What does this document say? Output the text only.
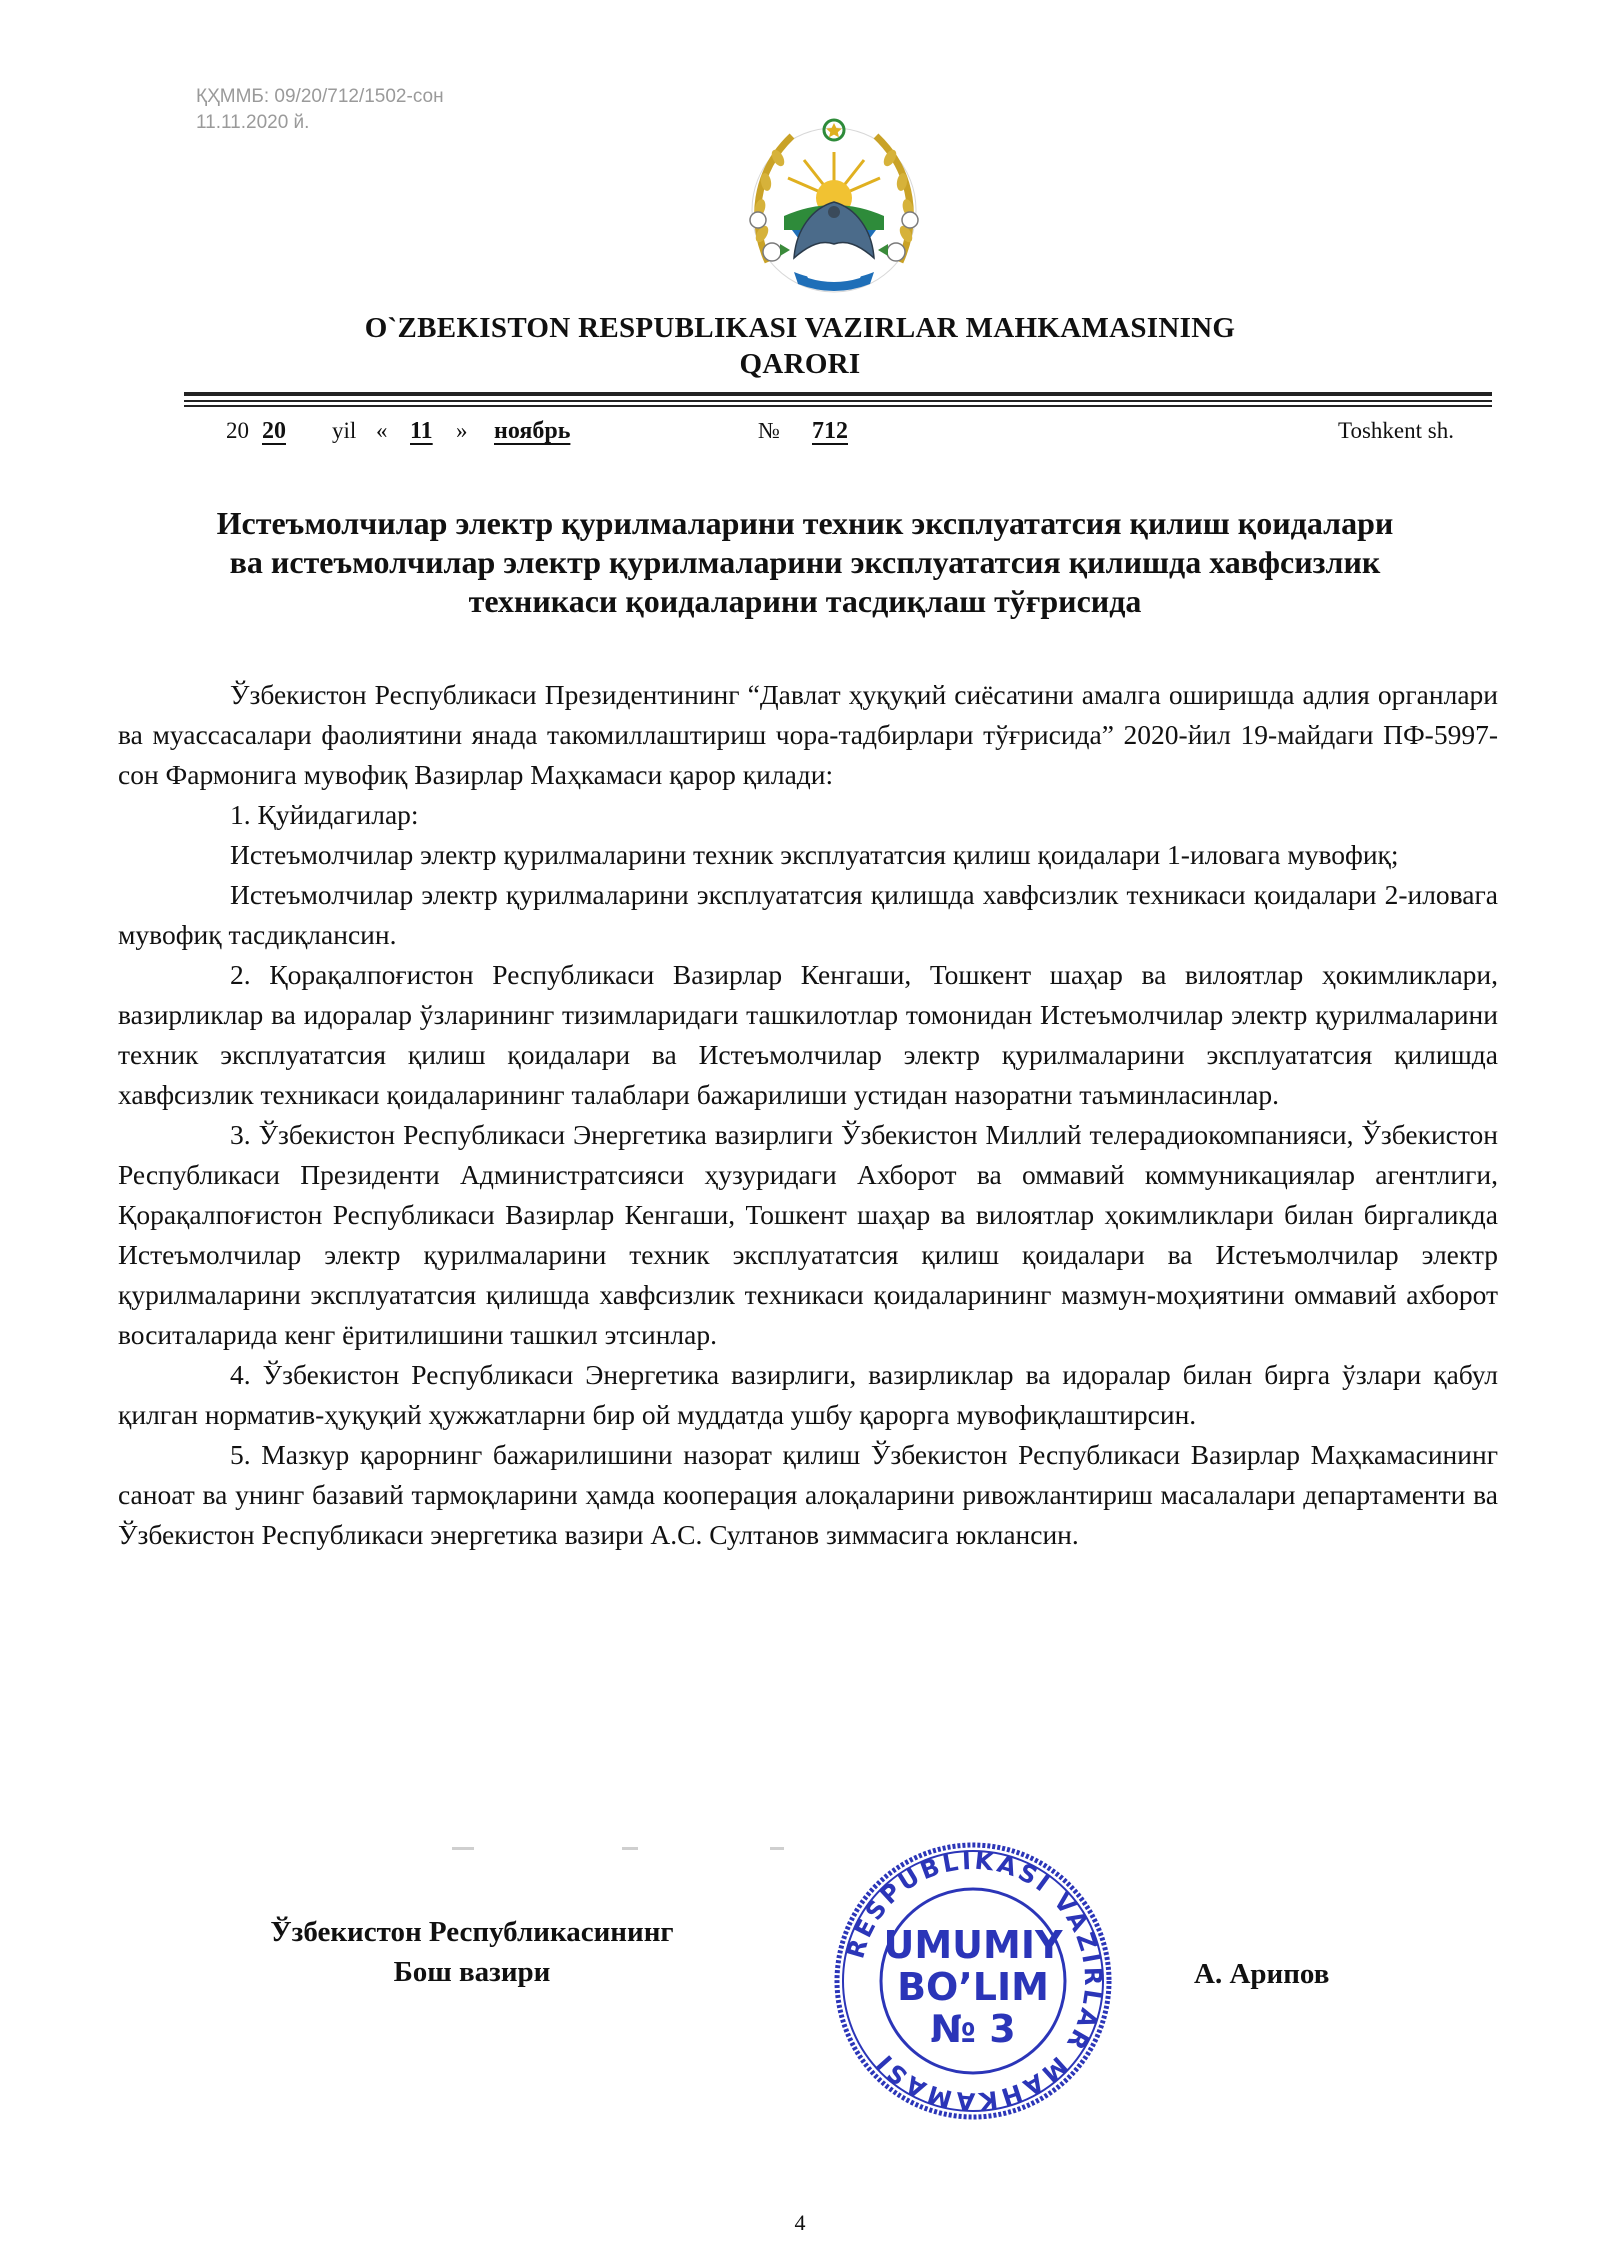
ҚҲММБ: 09/20/712/1502-сон
11.11.2020 й.
O`ZBEKISTON RESPUBLIKASI VAZIRLAR MAHKAMASINING
QARORI
20 20	yil « 11	»	ноябрь	№	712	Toshkent sh.
Истеъмолчилар электр қурилмаларини техник эксплуататсия қилиш қоидалари
ва истеъмолчилар электр қурилмаларини эксплуататсия қилишда хавфсизлик
техникаси қоидаларини тасдиқлаш тўғрисида

Ўзбекистон Республикаси Президентининг “Давлат ҳуқуқий сиёсатини амалга оширишда адлия органлари ва муассасалари фаолиятини янада такомиллаштириш чора-тадбирлари тўғрисида” 2020-йил 19-майдаги ПФ-5997-сон Фармонига мувофиқ Вазирлар Маҳкамаси қарор қилади:

1. Қуйидагилар:

Истеъмолчилар электр қурилмаларини техник эксплуататсия қилиш қоидалари 1-иловага мувофиқ;

Истеъмолчилар электр қурилмаларини эксплуататсия қилишда хавфсизлик техникаси қоидалари 2-иловага мувофиқ тасдиқлансин.

2. Қорақалпоғистон Республикаси Вазирлар Кенгаши, Тошкент шаҳар ва вилоятлар ҳокимликлари, вазирликлар ва идоралар ўзларининг тизимларидаги ташкилотлар томонидан Истеъмолчилар электр қурилмаларини техник эксплуататсия қилиш қоидалари ва Истеъмолчилар электр қурилмаларини эксплуататсия қилишда хавфсизлик техникаси қоидаларининг талаблари бажарилиши устидан назоратни таъминласинлар.

3. Ўзбекистон Республикаси Энергетика вазирлиги Ўзбекистон Миллий телерадиокомпанияси, Ўзбекистон Республикаси Президенти Администратсияси ҳузуридаги Ахборот ва оммавий коммуникациялар агентлиги, Қорақалпоғистон Республикаси Вазирлар Кенгаши, Тошкент шаҳар ва вилоятлар ҳокимликлари билан биргаликда Истеъмолчилар электр қурилмаларини техник эксплуататсия қилиш қоидалари ва Истеъмолчилар электр қурилмаларини эксплуататсия қилишда хавфсизлик техникаси қоидаларининг мазмун-моҳиятини оммавий ахборот воситаларида кенг ёритилишини ташкил этсинлар.

4. Ўзбекистон Республикаси Энергетика вазирлиги, вазирликлар ва идоралар билан бирга ўзлари қабул қилган норматив-ҳуқуқий ҳужжатларни бир ой муддатда ушбу қарорга мувофиқлаштирсин.

5. Мазкур қарорнинг бажарилишини назорат қилиш Ўзбекистон Республикаси Вазирлар Маҳкамасининг саноат ва унинг базавий тармоқларини ҳамда кооперация алоқаларини ривожлантириш масалалари департаменти ва Ўзбекистон Республикаси энергетика вазири А.С. Султанов зиммасига юклансин.

Ўзбекистон Республикасининг
Бош вазири	А. Арипов
RESPUBLIKASI VAZIRLAR MAHKAMASI
UMUMIY
BO’LIM
№ 3
4
